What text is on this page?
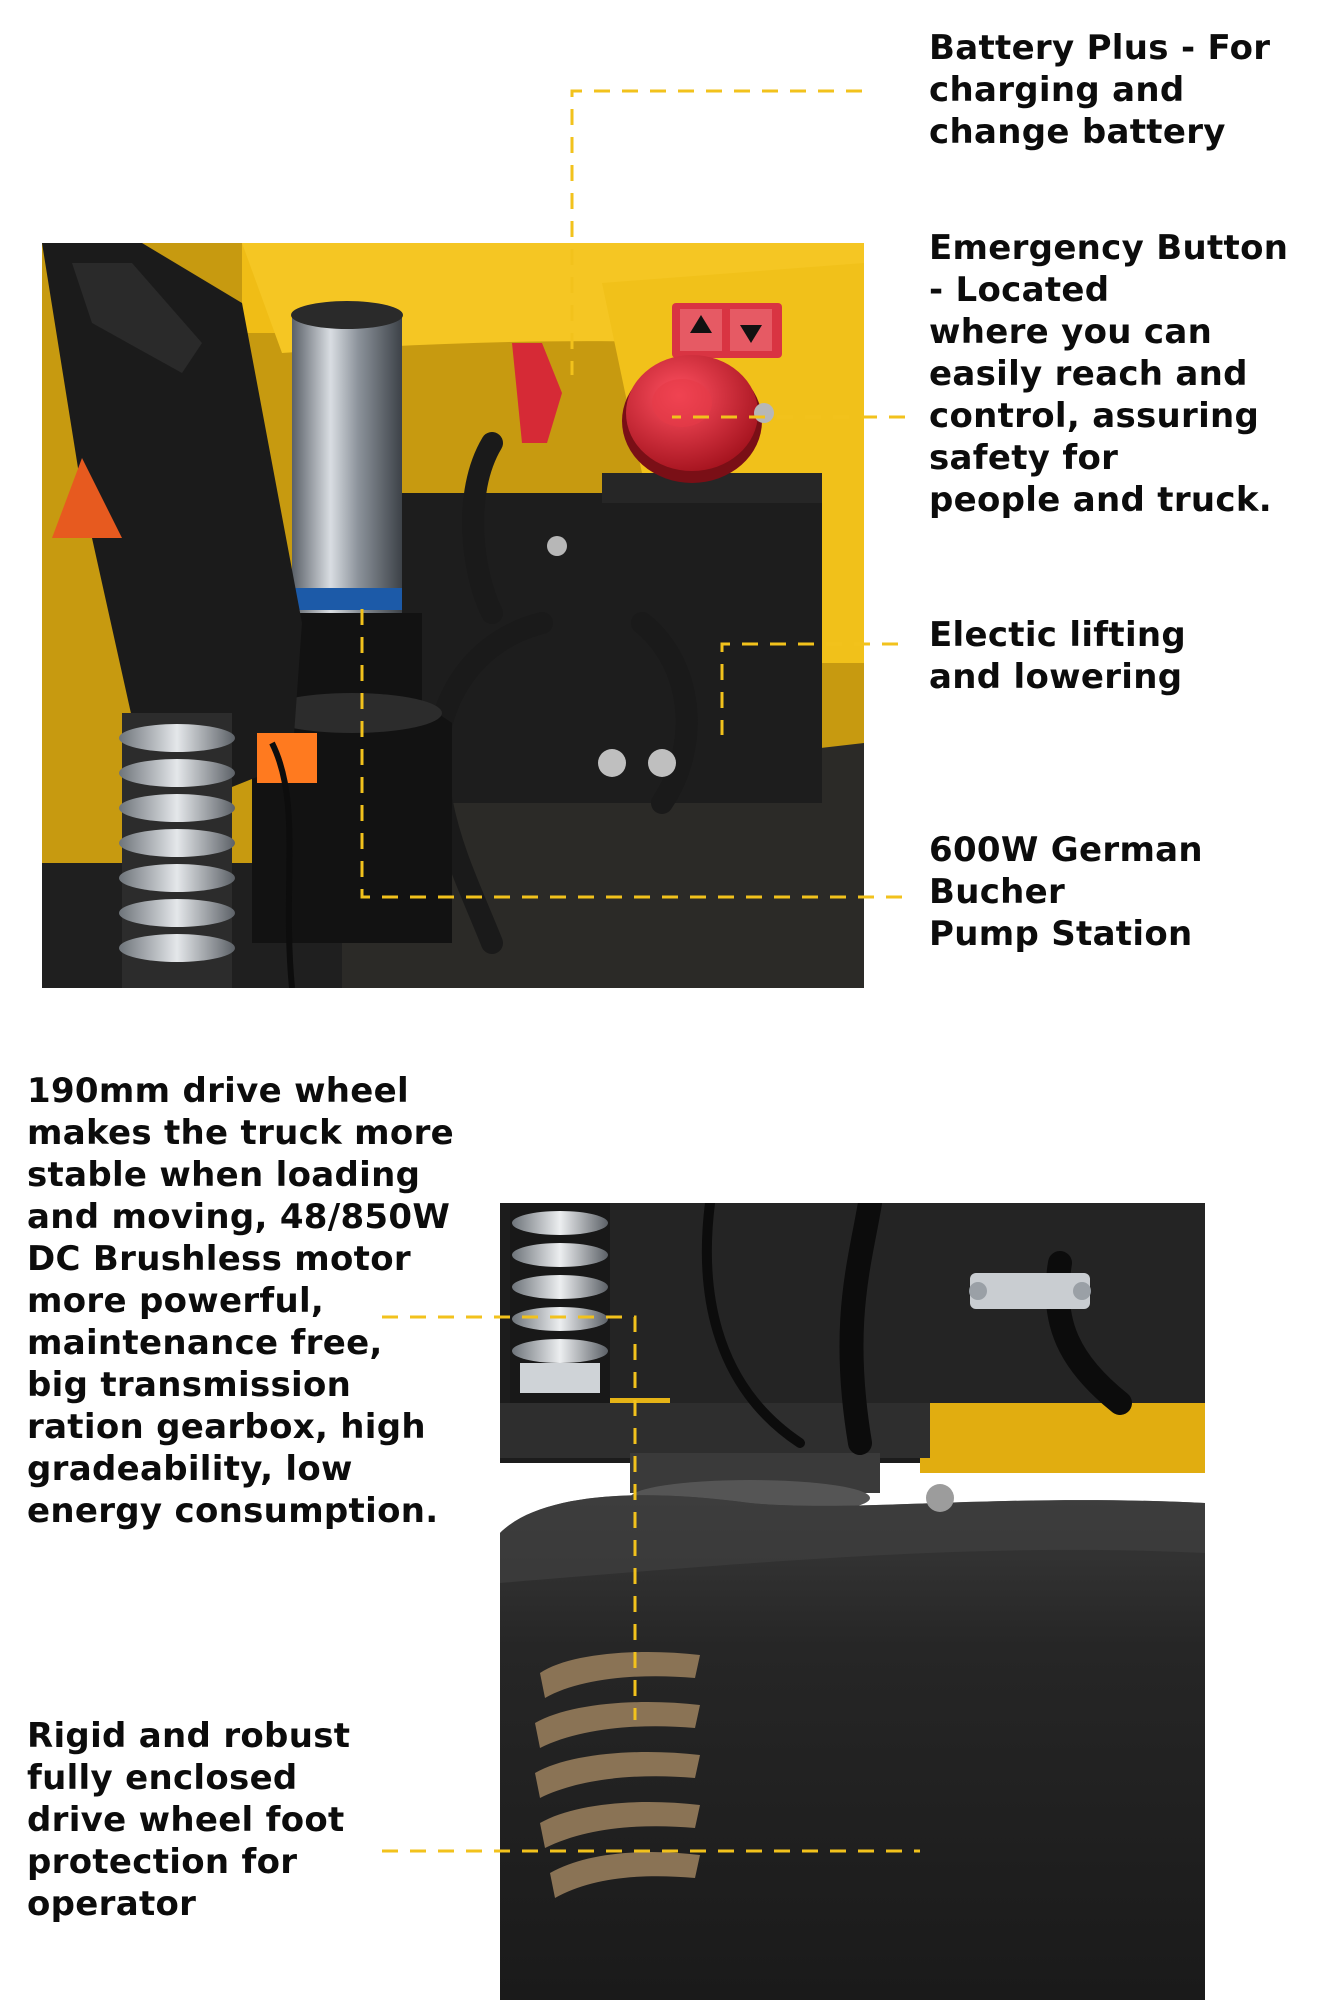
Battery Plus - For
charging and
change battery
Emergency Button
- Located
where you can
easily reach and
control, assuring
safety for
people and truck.
Electic lifting
and lowering
600W German
Bucher
Pump Station
190mm drive wheel
makes the truck more
stable when loading
and moving, 48/850W
DC Brushless motor
more powerful,
maintenance free,
big transmission
ration gearbox, high
gradeability, low
energy consumption.
Rigid and robust
fully enclosed
drive wheel foot
protection for
operator
